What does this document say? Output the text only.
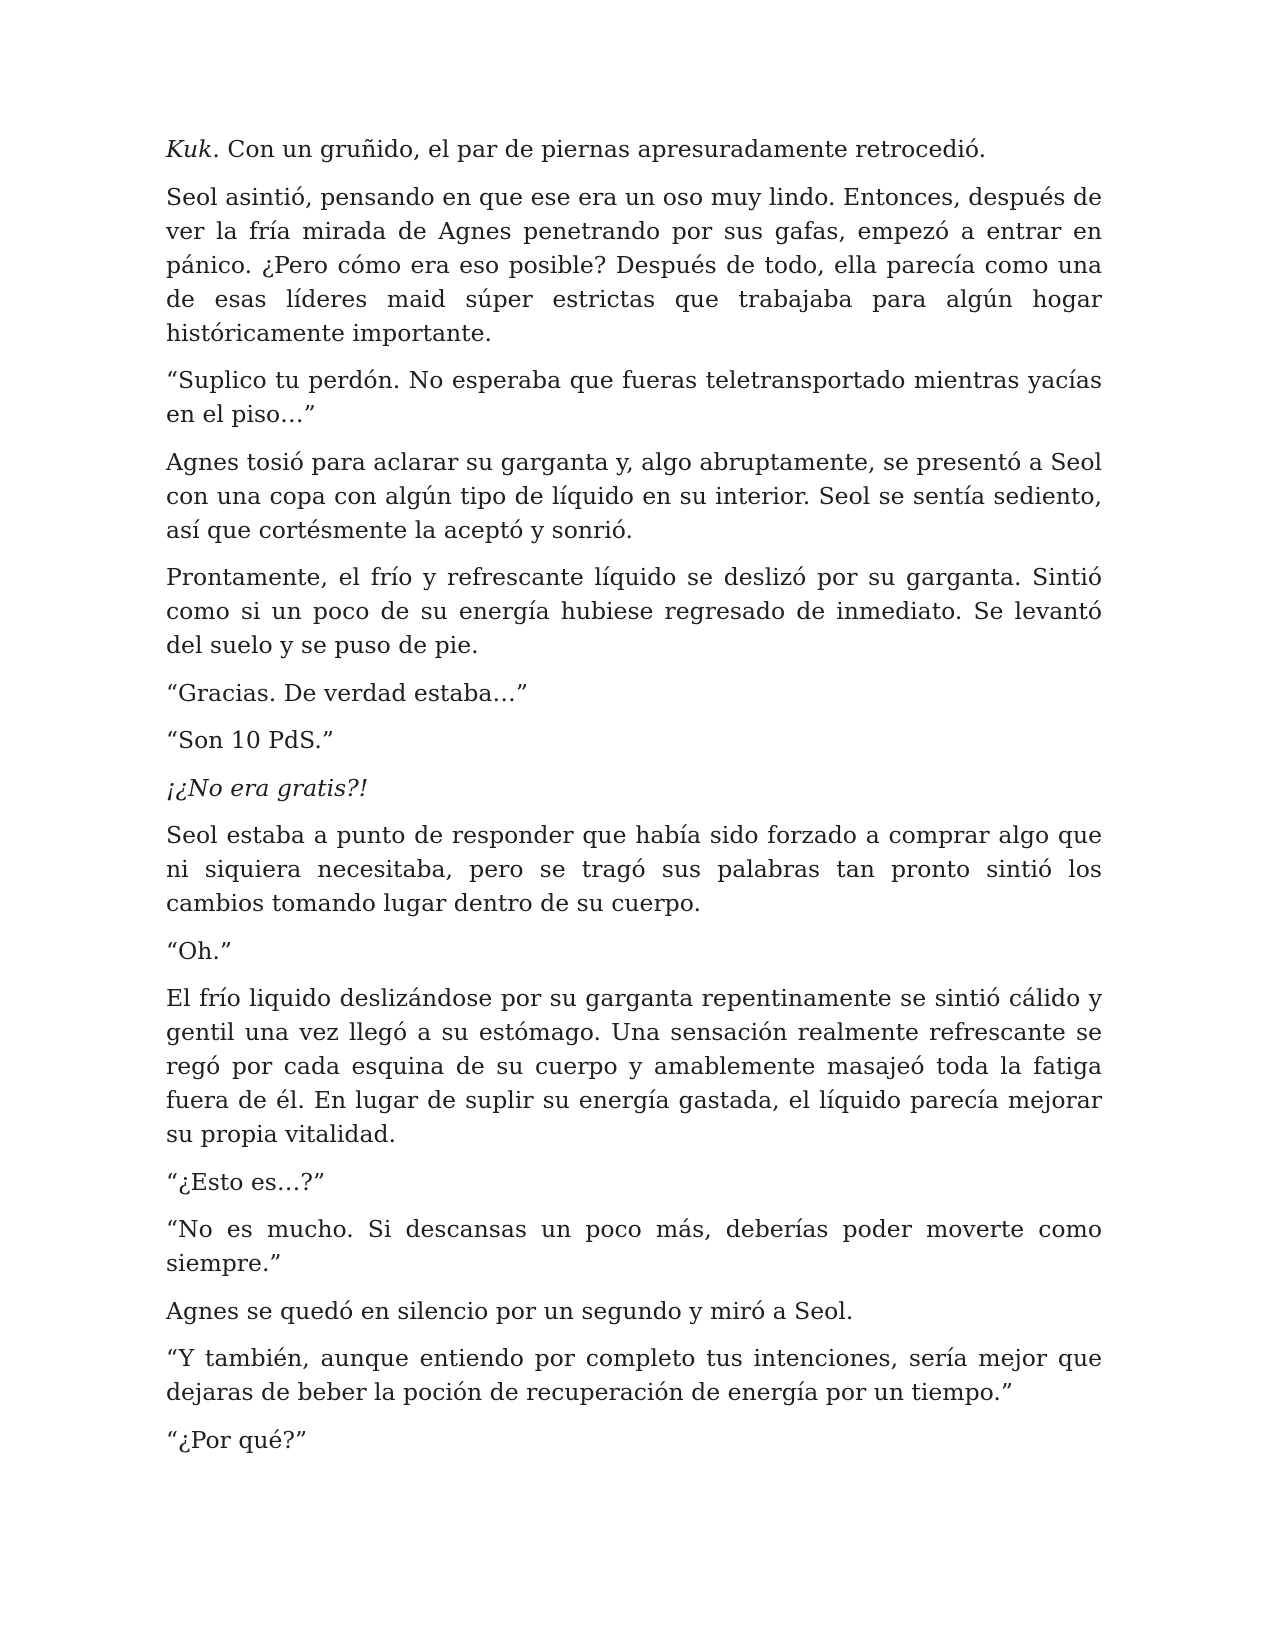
Kuk. Con un gruñido, el par de piernas apresuradamente retrocedió.

Seol asintió, pensando en que ese era un oso muy lindo. Entonces, después de ver la fría mirada de Agnes penetrando por sus gafas, empezó a entrar en pánico. ¿Pero cómo era eso posible? Después de todo, ella parecía como una de esas líderes maid súper estrictas que trabajaba para algún hogar históricamente importante.

“Suplico tu perdón. No esperaba que fueras teletransportado mientras yacías en el piso…”

Agnes tosió para aclarar su garganta y, algo abruptamente, se presentó a Seol con una copa con algún tipo de líquido en su interior. Seol se sentía sediento, así que cortésmente la aceptó y sonrió.

Prontamente, el frío y refrescante líquido se deslizó por su garganta. Sintió como si un poco de su energía hubiese regresado de inmediato. Se levantó del suelo y se puso de pie.

“Gracias. De verdad estaba…”

“Son 10 PdS.”

¡¿No era gratis?!

Seol estaba a punto de responder que había sido forzado a comprar algo que ni siquiera necesitaba, pero se tragó sus palabras tan pronto sintió los cambios tomando lugar dentro de su cuerpo.

“Oh.”

El frío liquido deslizándose por su garganta repentinamente se sintió cálido y gentil una vez llegó a su estómago. Una sensación realmente refrescante se regó por cada esquina de su cuerpo y amablemente masajeó toda la fatiga fuera de él. En lugar de suplir su energía gastada, el líquido parecía mejorar su propia vitalidad.

“¿Esto es…?”

“No es mucho. Si descansas un poco más, deberías poder moverte como siempre.”

Agnes se quedó en silencio por un segundo y miró a Seol.

“Y también, aunque entiendo por completo tus intenciones, sería mejor que dejaras de beber la poción de recuperación de energía por un tiempo.”

“¿Por qué?”
